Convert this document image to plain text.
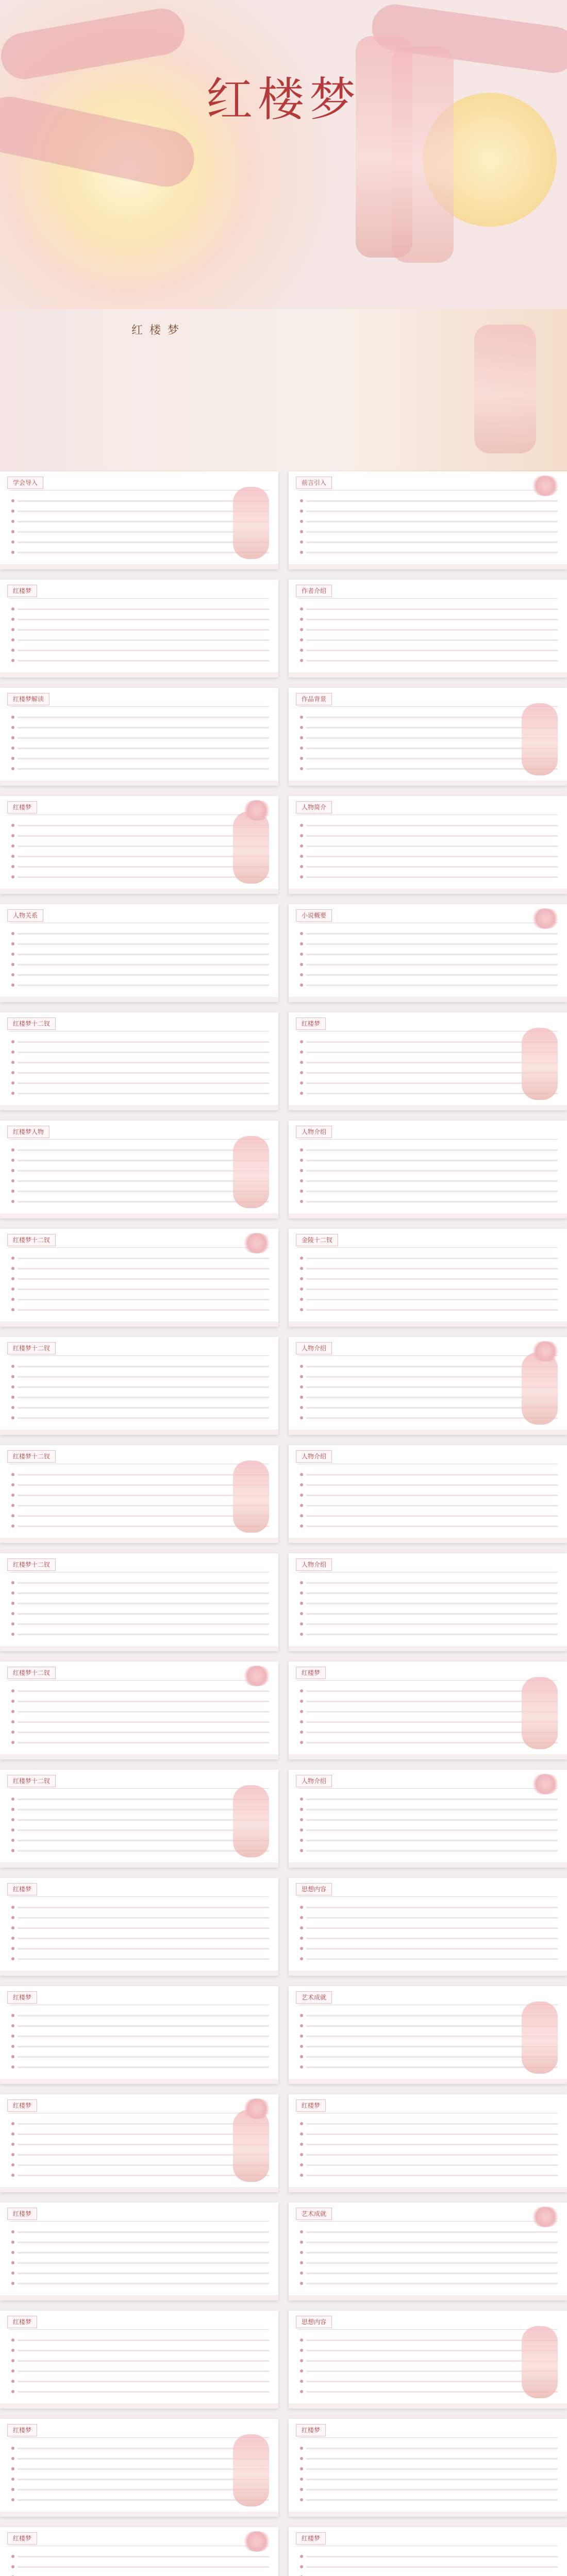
红楼梦
红 楼 梦
学会导入	前言引入
红楼梦	作者介绍
红楼梦解读	作品背景
红楼梦	人物简介
人物关系	小说概要
红楼梦十二钗	红楼梦
红楼梦人物	人物介绍
红楼梦十二钗	金陵十二钗
红楼梦十二钗	人物介绍
红楼梦十二钗	人物介绍
红楼梦十二钗	人物介绍
红楼梦十二钗	红楼梦
红楼梦十二钗	人物介绍
红楼梦	思想内容
红楼梦	艺术成就
红楼梦	红楼梦
红楼梦	艺术成就
红楼梦	思想内容
红楼梦	红楼梦
红楼梦	红楼梦
